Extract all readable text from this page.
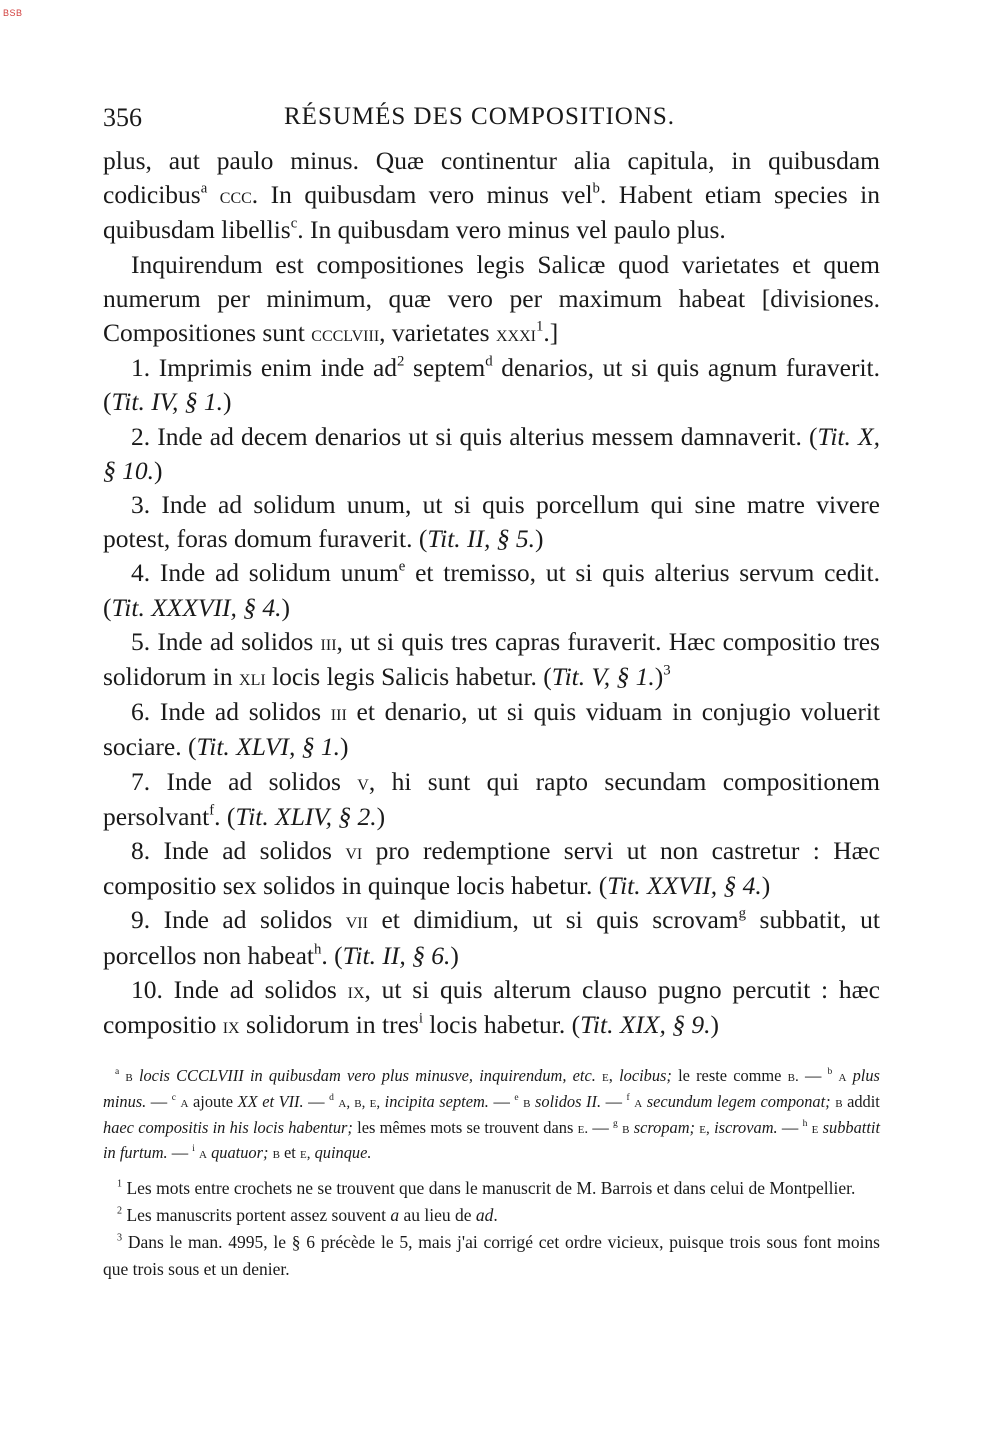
BSB
356	RÉSUMÉS DES COMPOSITIONS.

plus, aut paulo minus. Quæ continentur alia capitula, in quibusdam codicibus$^a$ ccc. In quibusdam vero minus vel$^b$. Habent etiam species in quibusdam libellis$^c$. In quibusdam vero minus vel paulo plus.

Inquirendum est compositiones legis Salicæ quod varietates et quem numerum per minimum, quæ vero per maximum habeat [divisiones. Compositiones sunt ccclviii, varietates xxxi$^1$.]

1. Imprimis enim inde $ad^2$ septem$^d$ denarios, ut si quis agnum furaverit. (Tit. IV, § 1.)

2. Inde ad decem denarios ut si quis alterius messem damnaverit. (Tit. X, § 10.)

3. Inde ad solidum unum, ut si quis porcellum qui sine matre vivere potest, foras domum furaverit. (Tit. II, § 5.)

4. Inde ad solidum unum$^e$ et tremisso, ut si quis alterius servum cedit. (Tit. XXXVII, § 4.)

5. Inde ad solidos iii, ut si quis tres capras furaverit. Hæc compositio tres solidorum in xli locis legis Salicis habetur. (Tit. V, § 1.)$^3$

6. Inde ad solidos iii et denario, ut si quis viduam in conjugio voluerit sociare. (Tit. XLVI, § 1.)

7. Inde ad solidos v, hi sunt qui rapto secundam compositionem persolvant$^f$. (Tit. XLIV, § 2.)

8. Inde ad solidos vi pro redemptione servi ut non castretur : Hæc compositio sex solidos in quinque locis habetur. (Tit. XXVII, § 4.)

9. Inde ad solidos vii et dimidium, ut si quis scrovam$^g$ subbatit, ut porcellos non habeat$^h$. (Tit. II, § 6.)

10. Inde ad solidos ix, ut si quis alterum clauso pugno percutit : hæc compositio ix solidorum in tres$^i$ locis habetur. (Tit. XIX, § 9.)

$^a$ b locis CCCLVIII in quibusdam vero plus minusve, inquirendum, etc. e, locibus; le reste comme b. — $^b$ a plus minus. — $^c$ a ajoute XX et VII. — $^d$ a, b, e, incipita septem. — $^e$ b solidos II. — $^f$ a secundum legem componat; b addit haec compositis in his locis habentur; les mêmes mots se trouvent dans e. — $^g$ b scropam; e, iscrovam. — $^h$ e subbattit in furtum. — $^i$ a quatuor; b et e, quinque.

$^1$ Les mots entre crochets ne se trouvent que dans le manuscrit de M. Barrois et dans celui de Montpellier.

$^2$ Les manuscrits portent assez souvent a au lieu de ad.

$^3$ Dans le man. 4995, le § 6 précède le 5, mais j'ai corrigé cet ordre vicieux, puisque trois sous font moins que trois sous et un denier.
